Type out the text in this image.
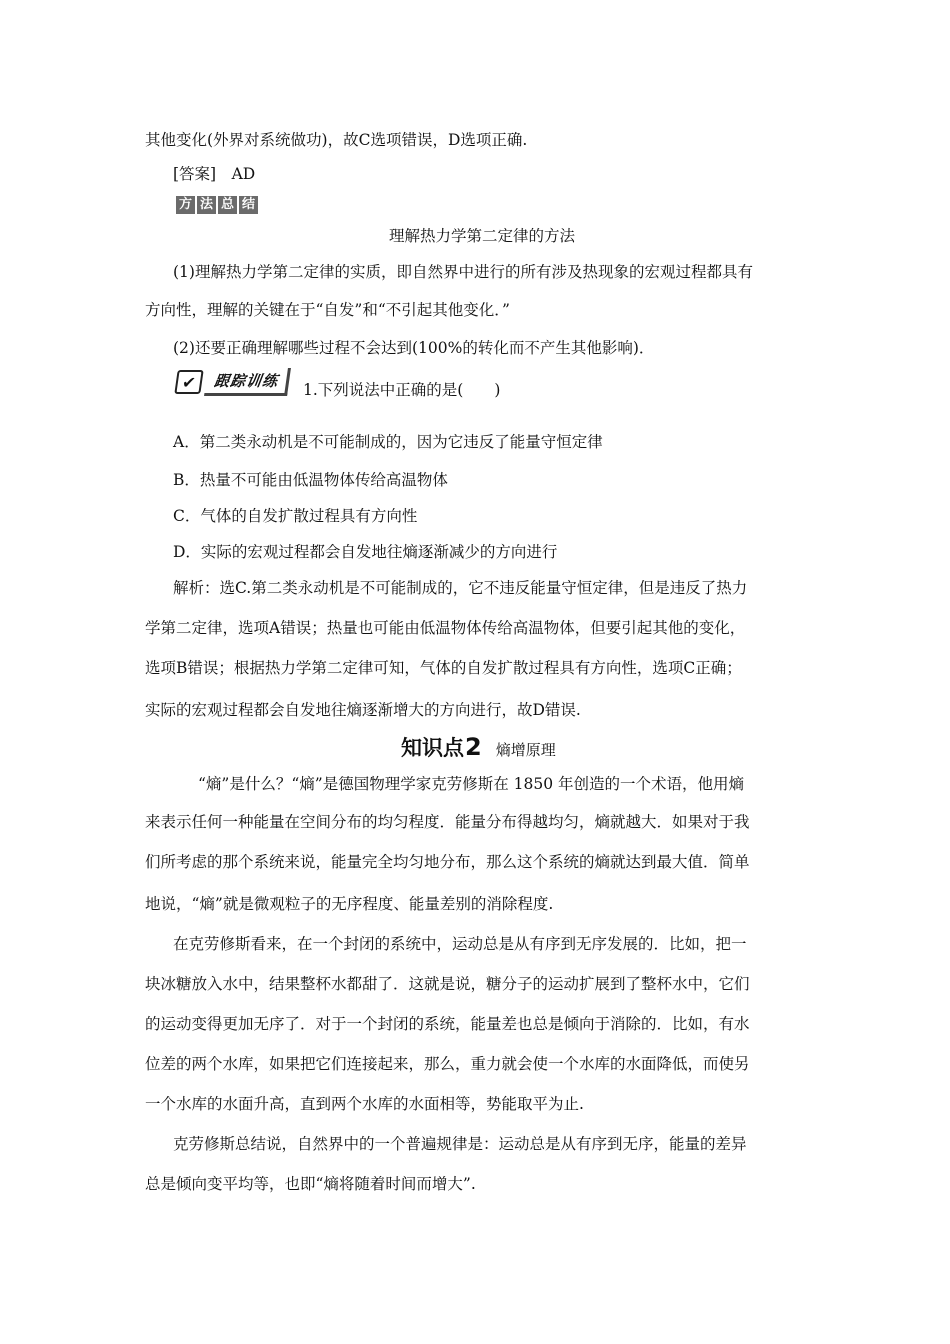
其他变化(外界对系统做功)，故C选项错误，D选项正确.
[答案]　AD
方 法 总 结
理解热力学第二定律的方法
(1)理解热力学第二定律的实质，即自然界中进行的所有涉及热现象的宏观过程都具有
方向性，理解的关键在于“自发”和“不引起其他变化．”
(2)还要正确理解哪些过程不会达到(100%的转化而不产生其他影响)．
✔	跟踪训练	1.下列说法中正确的是(　　)
A．第二类永动机是不可能制成的，因为它违反了能量守恒定律
B．热量不可能由低温物体传给高温物体
C．气体的自发扩散过程具有方向性
D．实际的宏观过程都会自发地往熵逐渐减少的方向进行
解析：选C.第二类永动机是不可能制成的，它不违反能量守恒定律，但是违反了热力
学第二定律，选项A错误；热量也可能由低温物体传给高温物体，但要引起其他的变化，
选项B错误；根据热力学第二定律可知，气体的自发扩散过程具有方向性，选项C正确；
实际的宏观过程都会自发地往熵逐渐增大的方向进行，故D错误.
知识点 2 熵增原理
“熵”是什么？“熵”是德国物理学家克劳修斯在 1850 年创造的一个术语，他用熵
来表示任何一种能量在空间分布的均匀程度．能量分布得越均匀，熵就越大．如果对于我
们所考虑的那个系统来说，能量完全均匀地分布，那么这个系统的熵就达到最大值．简单
地说，“熵”就是微观粒子的无序程度、能量差别的消除程度.
在克劳修斯看来，在一个封闭的系统中，运动总是从有序到无序发展的．比如，把一
块冰糖放入水中，结果整杯水都甜了．这就是说，糖分子的运动扩展到了整杯水中，它们
的运动变得更加无序了．对于一个封闭的系统，能量差也总是倾向于消除的．比如，有水
位差的两个水库，如果把它们连接起来，那么，重力就会使一个水库的水面降低，而使另
一个水库的水面升高，直到两个水库的水面相等，势能取平为止.
克劳修斯总结说，自然界中的一个普遍规律是：运动总是从有序到无序，能量的差异
总是倾向变平均等，也即“熵将随着时间而增大”.
